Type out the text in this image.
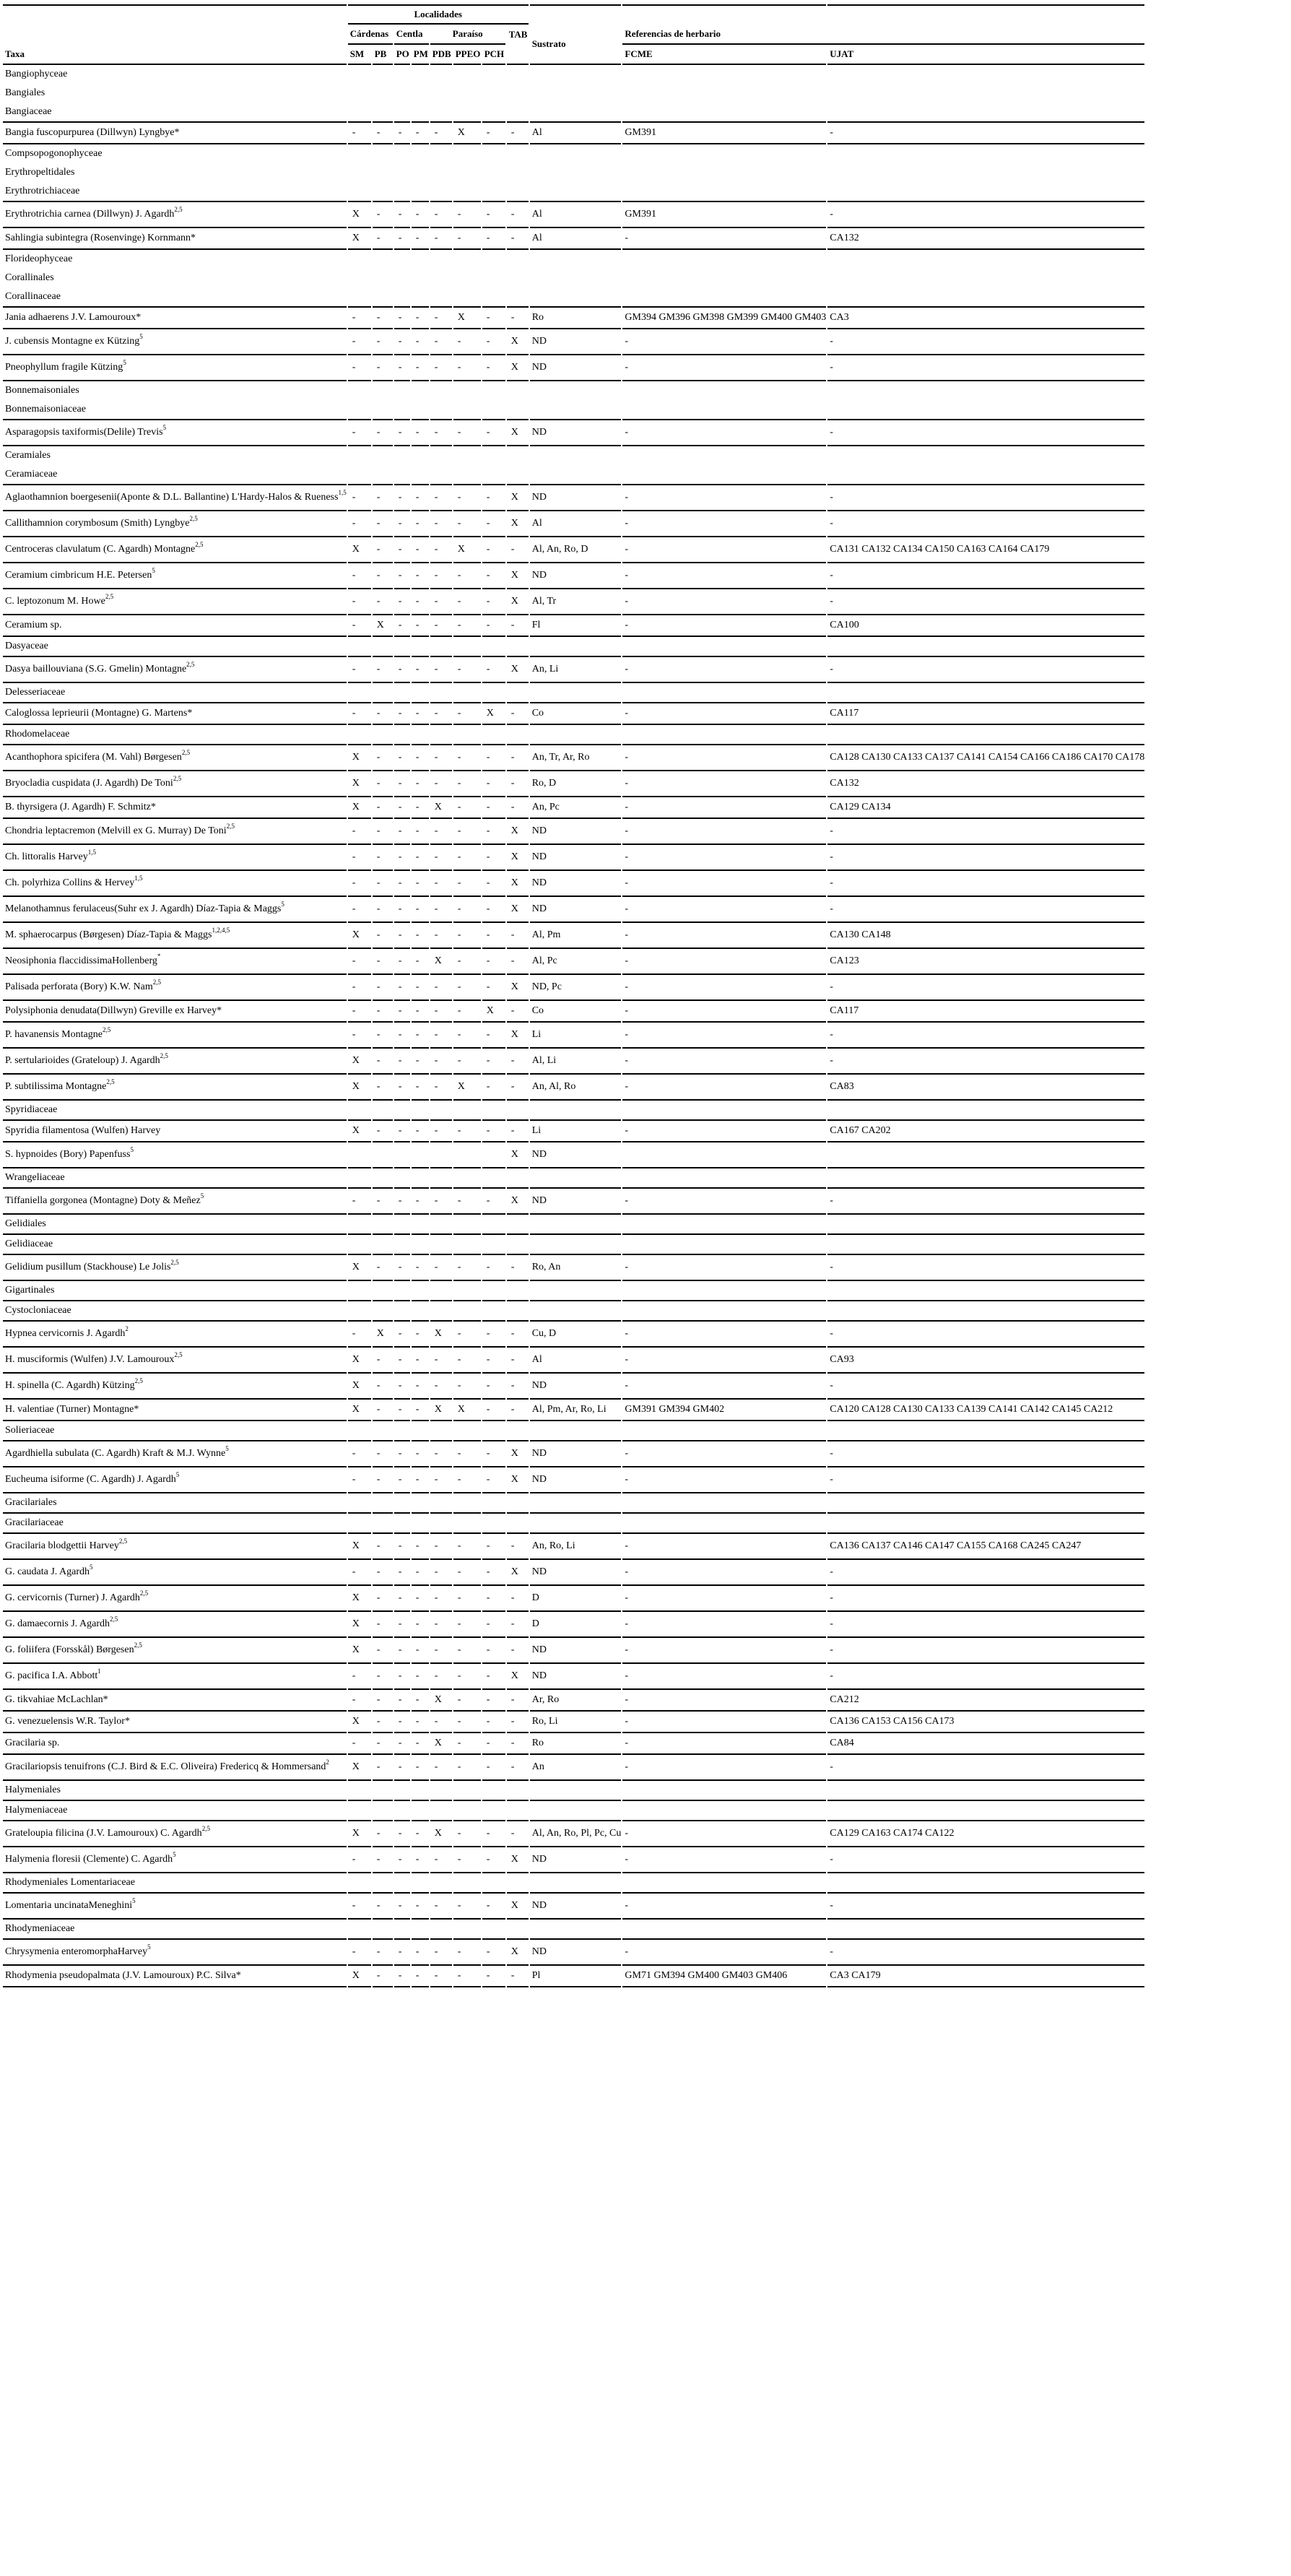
	Localidades										
	Cárdenas		Centla		Paraíso			TAB	Sustrato	Referencias de herbario	
Taxa	SM	PB	PO	PM	PDB	PPEO	PCH			FCME	UJAT
Bangiophyceae											
Bangiales											
Bangiaceae											
Bangia fuscopurpurea (Dillwyn) Lyngbye*	-	-	-	-	-	X	-	-	Al	GM391	-
Compsopogonophyceae											
Erythropeltidales											
Erythrotrichiaceae											
Erythrotrichia carnea (Dillwyn) J. Agardh$^{2,5}$	X	-	-	-	-	-	-	-	Al	GM391	-
Sahlingia subintegra (Rosenvinge) Kornmann*	X	-	-	-	-	-	-	-	Al	-	CA132
Florideophyceae											
Corallinales											
Corallinaceae											
Jania adhaerens J.V. Lamouroux*	-	-	-	-	-	X	-	-	Ro	GM394 GM396 GM398 GM399 GM400 GM403	CA3
J. cubensis Montagne ex Kützing$^5$	-	-	-	-	-	-	-	X	ND	-	-
Pneophyllum fragile Kützing$^5$	-	-	-	-	-	-	-	X	ND	-	-
Bonnemaisoniales											
Bonnemaisoniaceae											
Asparagopsis taxiformis(Delile) Trevis$^5$	-	-	-	-	-	-	-	X	ND	-	-
Ceramiales											
Ceramiaceae											
Aglaothamnion boergesenii(Aponte & D.L. Ballantine) L'Hardy-Halos & Rueness$^{1,5}$	-	-	-	-	-	-	-	X	ND	-	-
Callithamnion corymbosum (Smith) Lyngbye$^{2,5}$	-	-	-	-	-	-	-	X	Al	-	-
Centroceras clavulatum (C. Agardh) Montagne$^{2,5}$	X	-	-	-	-	X	-	-	Al, An, Ro, D	-	CA131 CA132 CA134 CA150 CA163 CA164 CA179
Ceramium cimbricum H.E. Petersen$^5$	-	-	-	-	-	-	-	X	ND	-	-
C. leptozonum M. Howe$^{2,5}$	-	-	-	-	-	-	-	X	Al, Tr	-	-
Ceramium sp.	-	X	-	-	-	-	-	-	Fl	-	CA100
Dasyaceae											
Dasya baillouviana (S.G. Gmelin) Montagne$^{2,5}$	-	-	-	-	-	-	-	X	An, Li	-	-
Delesseriaceae											
Caloglossa leprieurii (Montagne) G. Martens*	-	-	-	-	-	-	X	-	Co	-	CA117
Rhodomelaceae											
Acanthophora spicifera (M. Vahl) Børgesen$^{2,5}$	X	-	-	-	-	-	-	-	An, Tr, Ar, Ro	-	CA128 CA130 CA133 CA137 CA141 CA154 CA166 CA186 CA170 CA178
Bryocladia cuspidata (J. Agardh) De Toni$^{2,5}$	X	-	-	-	-	-	-	-	Ro, D	-	CA132
B. thyrsigera (J. Agardh) F. Schmitz*	X	-	-	-	X	-	-	-	An, Pc	-	CA129 CA134
Chondria leptacremon (Melvill ex G. Murray) De Toni$^{2,5}$	-	-	-	-	-	-	-	X	ND	-	-
Ch. littoralis Harvey$^{1,5}$	-	-	-	-	-	-	-	X	ND	-	-
Ch. polyrhiza Collins & Hervey$^{1,5}$	-	-	-	-	-	-	-	X	ND	-	-
Melanothamnus ferulaceus(Suhr ex J. Agardh) Díaz-Tapia & Maggs$^5$	-	-	-	-	-	-	-	X	ND	-	-
M. sphaerocarpus (Børgesen) Díaz-Tapia & Maggs$^{1,2,4,5}$	X	-	-	-	-	-	-	-	Al, Pm	-	CA130 CA148
Neosiphonia flaccidissimaHollenberg*	-	-	-	-	X	-	-	-	Al, Pc	-	CA123
Palisada perforata (Bory) K.W. Nam$^{2,5}$	-	-	-	-	-	-	-	X	ND, Pc	-	-
Polysiphonia denudata(Dillwyn) Greville ex Harvey*	-	-	-	-	-	-	X	-	Co	-	CA117
P. havanensis Montagne$^{2,5}$	-	-	-	-	-	-	-	X	Li	-	-
P. sertularioides (Grateloup) J. Agardh$^{2,5}$	X	-	-	-	-	-	-	-	Al, Li	-	-
P. subtilissima Montagne$^{2,5}$	X	-	-	-	-	X	-	-	An, Al, Ro	-	CA83
Spyridiaceae											
Spyridia filamentosa (Wulfen) Harvey	X	-	-	-	-	-	-	-	Li	-	CA167 CA202
S. hypnoides (Bory) Papenfuss$^5$								X	ND		
Wrangeliaceae											
Tiffaniella gorgonea (Montagne) Doty & Meñez$^5$	-	-	-	-	-	-	-	X	ND	-	-
Gelidiales											
Gelidiaceae											
Gelidium pusillum (Stackhouse) Le Jolis$^{2,5}$	X	-	-	-	-	-	-	-	Ro, An	-	-
Gigartinales											
Cystocloniaceae											
Hypnea cervicornis J. Agardh$^2$	-	X	-	-	X	-	-	-	Cu, D	-	-
H. musciformis (Wulfen) J.V. Lamouroux$^{2,5}$	X	-	-	-	-	-	-	-	Al	-	CA93
H. spinella (C. Agardh) Kützing$^{2,5}$	X	-	-	-	-	-	-	-	ND	-	-
H. valentiae (Turner) Montagne*	X	-	-	-	X	X	-	-	Al, Pm, Ar, Ro, Li	GM391 GM394 GM402	CA120 CA128 CA130 CA133 CA139 CA141 CA142 CA145 CA212
Solieriaceae											
Agardhiella subulata (C. Agardh) Kraft & M.J. Wynne$^5$	-	-	-	-	-	-	-	X	ND	-	-
Eucheuma isiforme (C. Agardh) J. Agardh$^5$	-	-	-	-	-	-	-	X	ND	-	-
Gracilariales											
Gracilariaceae											
Gracilaria blodgettii Harvey$^{2,5}$	X	-	-	-	-	-	-	-	An, Ro, Li	-	CA136 CA137 CA146 CA147 CA155 CA168 CA245 CA247
G. caudata J. Agardh$^5$	-	-	-	-	-	-	-	X	ND	-	-
G. cervicornis (Turner) J. Agardh$^{2,5}$	X	-	-	-	-	-	-	-	D	-	-
G. damaecornis J. Agardh$^{2,5}$	X	-	-	-	-	-	-	-	D	-	-
G. foliifera (Forsskål) Børgesen$^{2,5}$	X	-	-	-	-	-	-	-	ND	-	-
G. pacifica I.A. Abbott$^1$	-	-	-	-	-	-	-	X	ND	-	-
G. tikvahiae McLachlan*	-	-	-	-	X	-	-	-	Ar, Ro	-	CA212
G. venezuelensis W.R. Taylor*	X	-	-	-	-	-	-	-	Ro, Li	-	CA136 CA153 CA156 CA173
Gracilaria sp.	-	-	-	-	X	-	-	-	Ro	-	CA84
Gracilariopsis tenuifrons (C.J. Bird & E.C. Oliveira) Fredericq & Hommersand$^2$	X	-	-	-	-	-	-	-	An	-	-
Halymeniales											
Halymeniaceae											
Grateloupia filicina (J.V. Lamouroux) C. Agardh$^{2,5}$	X	-	-	-	X	-	-	-	Al, An, Ro, Pl, Pc, Cu	-	CA129 CA163 CA174 CA122
Halymenia floresii (Clemente) C. Agardh$^5$	-	-	-	-	-	-	-	X	ND	-	-
Rhodymeniales Lomentariaceae											
Lomentaria uncinataMeneghini$^5$	-	-	-	-	-	-	-	X	ND	-	-
Rhodymeniaceae											
Chrysymenia enteromorphaHarvey$^5$	-	-	-	-	-	-	-	X	ND	-	-
Rhodymenia pseudopalmata (J.V. Lamouroux) P.C. Silva*	X	-	-	-	-	-	-	-	Pl	GM71 GM394 GM400 GM403 GM406	CA3 CA179
